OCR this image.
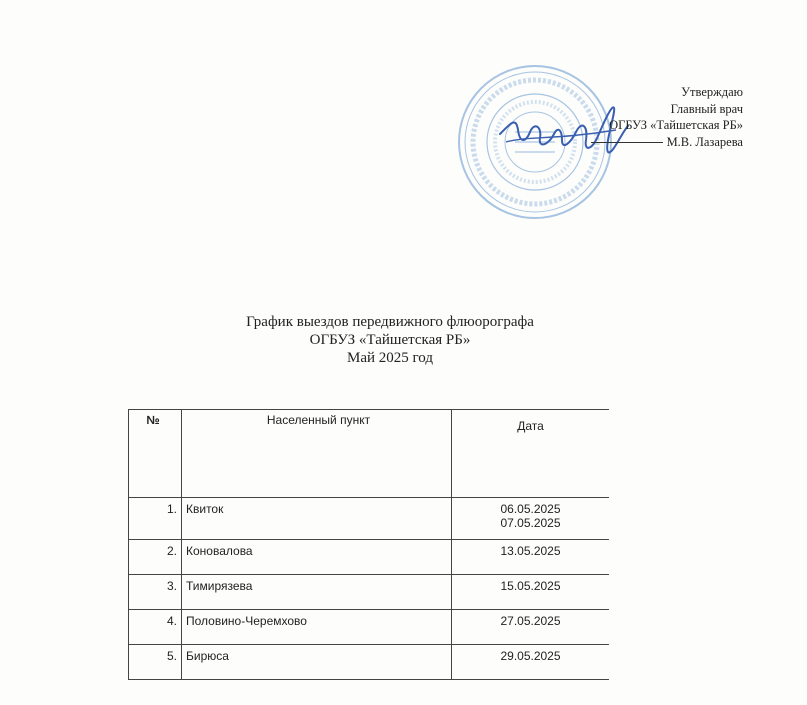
Утверждаю
Главный врач
ОГБУЗ «Тайшетская РБ»
М.В. Лазарева
График выездов передвижного флюорографа
ОГБУЗ «Тайшетская РБ»
Май 2025 год
№	Населенный пункт	Дата
1.	Квиток	06.05.2025
07.05.2025

2.	Коновалова	13.05.2025

3.	Тимирязева	15.05.2025

4.	Половино-Черемхово	27.05.2025

5.	Бирюса	29.05.2025
